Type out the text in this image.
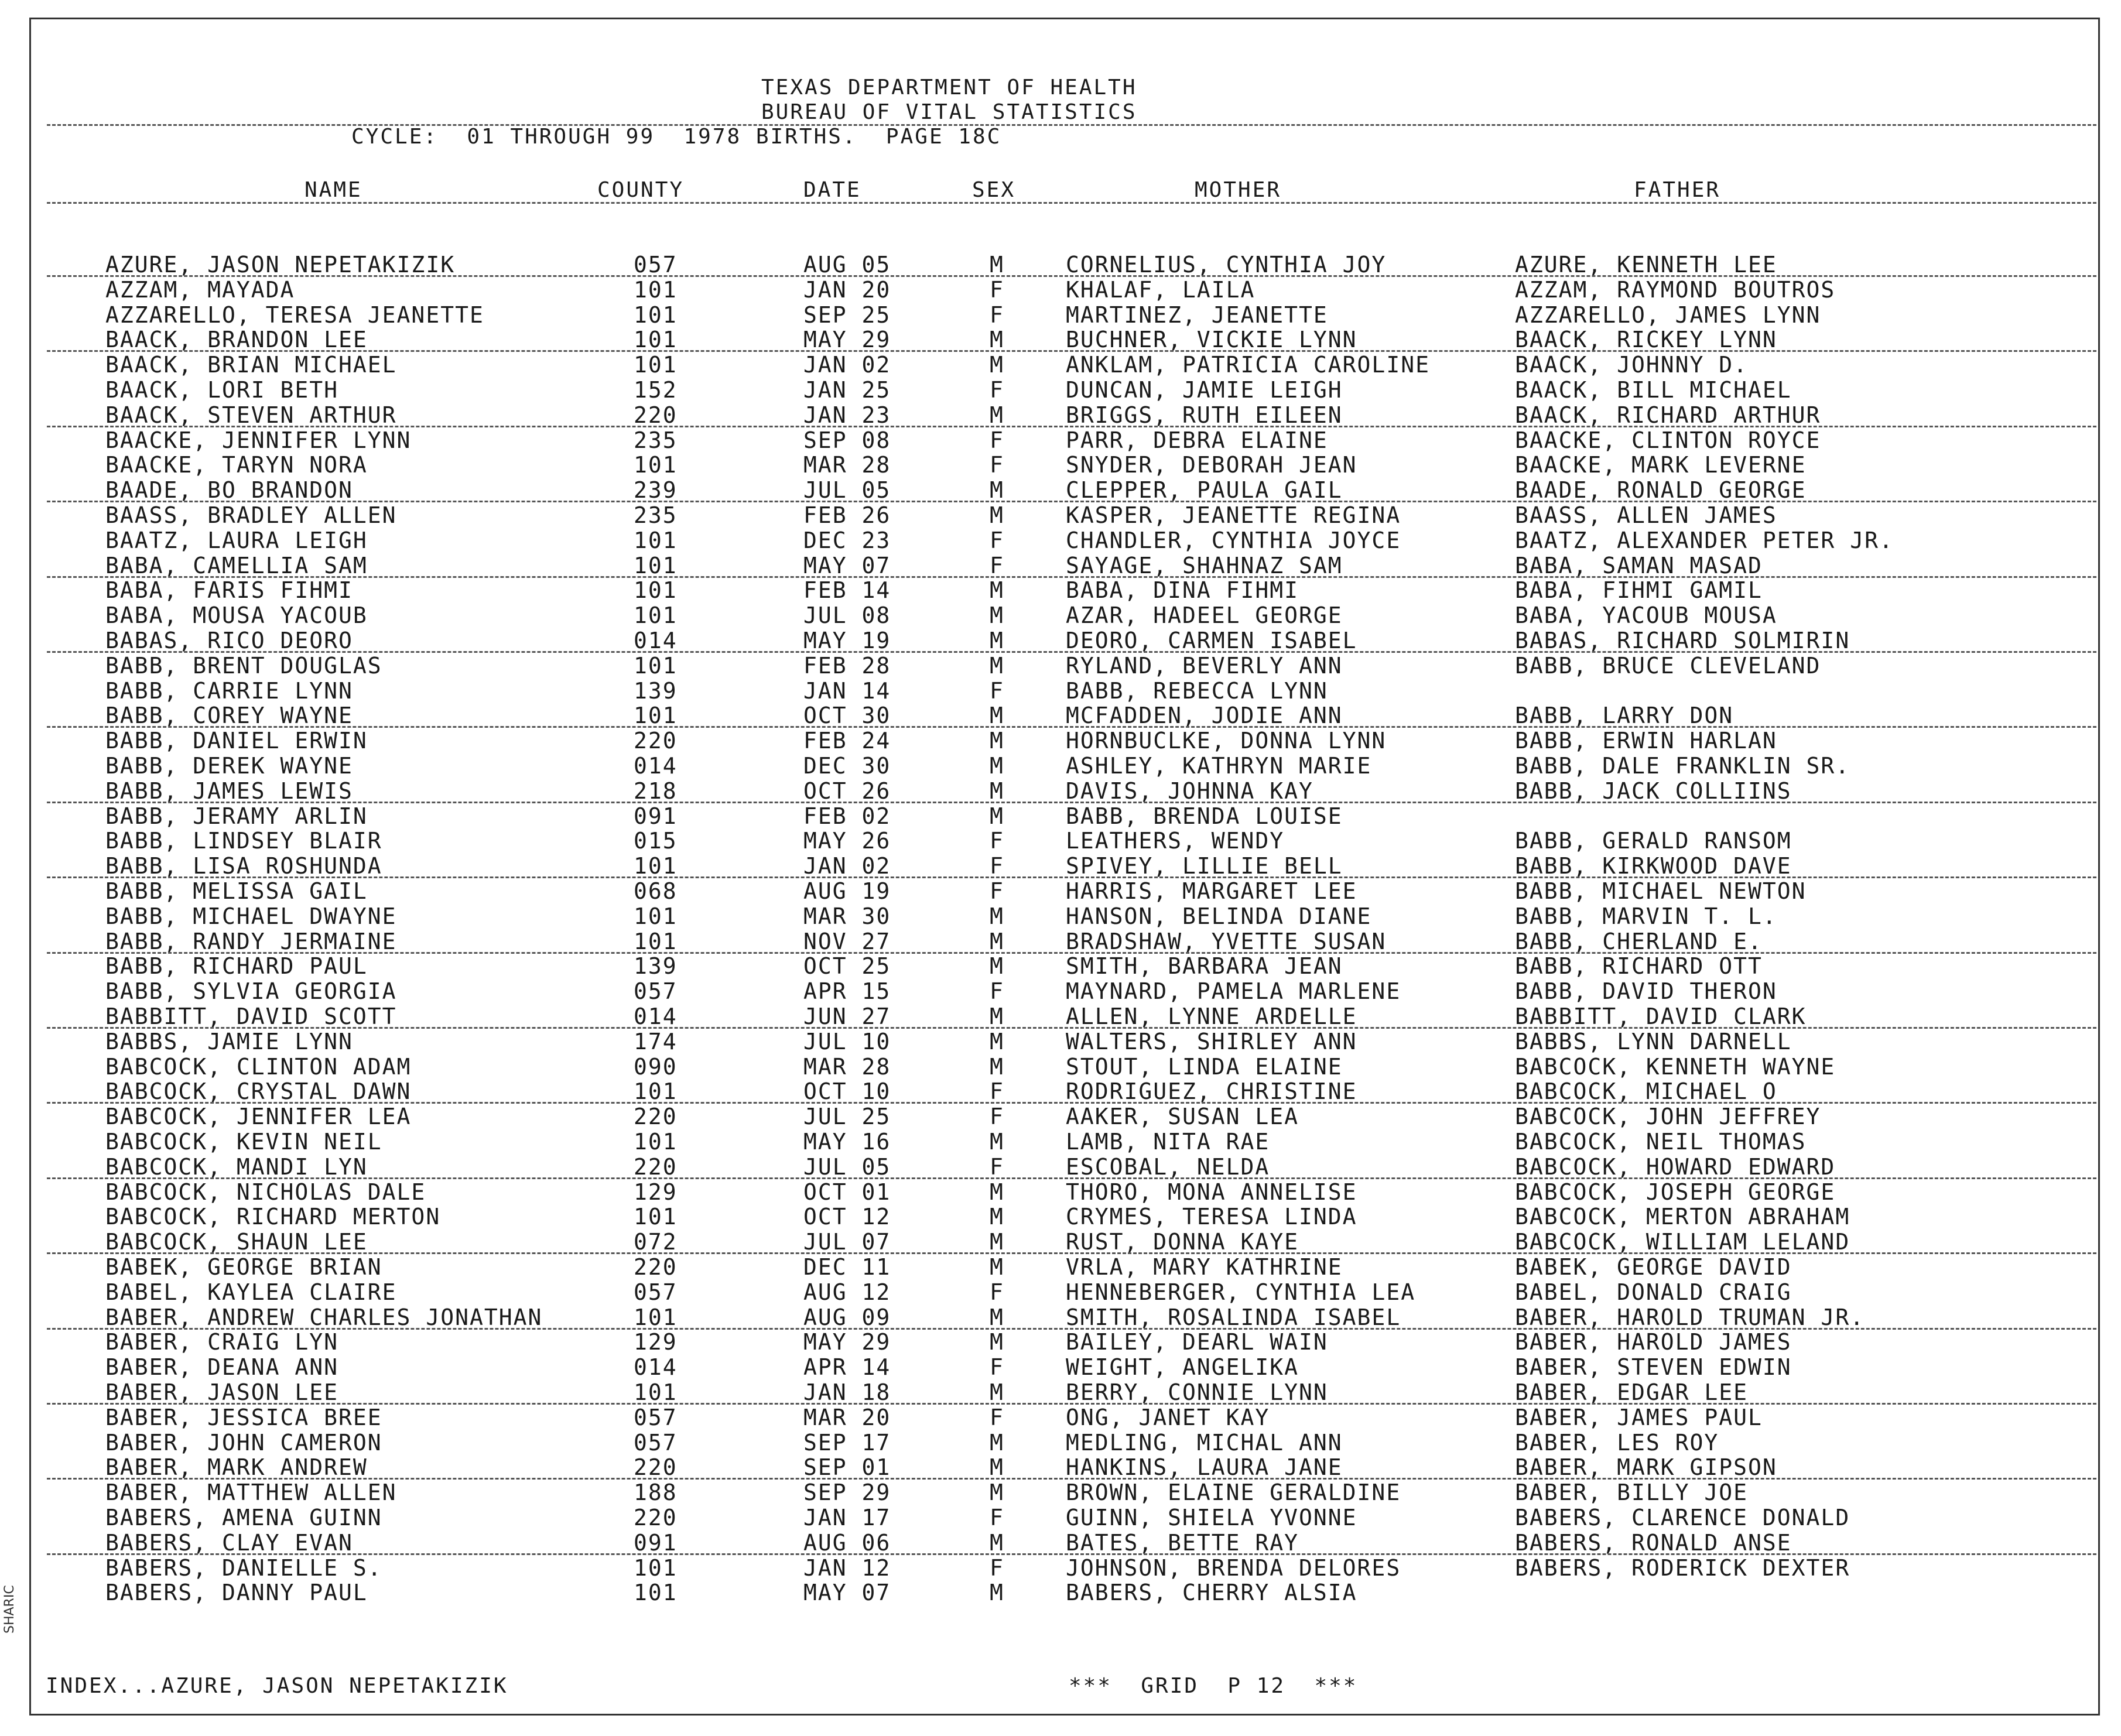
TEXAS DEPARTMENT OF HEALTH
BUREAU OF VITAL STATISTICS
CYCLE:  01 THROUGH 99  1978 BIRTHS.  PAGE 18C
NAME	COUNTY	DATE	SEX	MOTHER	FATHER
AZURE, JASON NEPETAKIZIK	057	AUG 05	M	CORNELIUS, CYNTHIA JOY	AZURE, KENNETH LEE
AZZAM, MAYADA	101	JAN 20	F	KHALAF, LAILA	AZZAM, RAYMOND BOUTROS
AZZARELLO, TERESA JEANETTE	101	SEP 25	F	MARTINEZ, JEANETTE	AZZARELLO, JAMES LYNN
BAACK, BRANDON LEE	101	MAY 29	M	BUCHNER, VICKIE LYNN	BAACK, RICKEY LYNN
BAACK, BRIAN MICHAEL	101	JAN 02	M	ANKLAM, PATRICIA CAROLINE	BAACK, JOHNNY D.
BAACK, LORI BETH	152	JAN 25	F	DUNCAN, JAMIE LEIGH	BAACK, BILL MICHAEL
BAACK, STEVEN ARTHUR	220	JAN 23	M	BRIGGS, RUTH EILEEN	BAACK, RICHARD ARTHUR
BAACKE, JENNIFER LYNN	235	SEP 08	F	PARR, DEBRA ELAINE	BAACKE, CLINTON ROYCE
BAACKE, TARYN NORA	101	MAR 28	F	SNYDER, DEBORAH JEAN	BAACKE, MARK LEVERNE
BAADE, BO BRANDON	239	JUL 05	M	CLEPPER, PAULA GAIL	BAADE, RONALD GEORGE
BAASS, BRADLEY ALLEN	235	FEB 26	M	KASPER, JEANETTE REGINA	BAASS, ALLEN JAMES
BAATZ, LAURA LEIGH	101	DEC 23	F	CHANDLER, CYNTHIA JOYCE	BAATZ, ALEXANDER PETER JR.
BABA, CAMELLIA SAM	101	MAY 07	F	SAYAGE, SHAHNAZ SAM	BABA, SAMAN MASAD
BABA, FARIS FIHMI	101	FEB 14	M	BABA, DINA FIHMI	BABA, FIHMI GAMIL
BABA, MOUSA YACOUB	101	JUL 08	M	AZAR, HADEEL GEORGE	BABA, YACOUB MOUSA
BABAS, RICO DEORO	014	MAY 19	M	DEORO, CARMEN ISABEL	BABAS, RICHARD SOLMIRIN
BABB, BRENT DOUGLAS	101	FEB 28	M	RYLAND, BEVERLY ANN	BABB, BRUCE CLEVELAND
BABB, CARRIE LYNN	139	JAN 14	F	BABB, REBECCA LYNN
BABB, COREY WAYNE	101	OCT 30	M	MCFADDEN, JODIE ANN	BABB, LARRY DON
BABB, DANIEL ERWIN	220	FEB 24	M	HORNBUCLKE, DONNA LYNN	BABB, ERWIN HARLAN
BABB, DEREK WAYNE	014	DEC 30	M	ASHLEY, KATHRYN MARIE	BABB, DALE FRANKLIN SR.
BABB, JAMES LEWIS	218	OCT 26	M	DAVIS, JOHNNA KAY	BABB, JACK COLLIINS
BABB, JERAMY ARLIN	091	FEB 02	M	BABB, BRENDA LOUISE
BABB, LINDSEY BLAIR	015	MAY 26	F	LEATHERS, WENDY	BABB, GERALD RANSOM
BABB, LISA ROSHUNDA	101	JAN 02	F	SPIVEY, LILLIE BELL	BABB, KIRKWOOD DAVE
BABB, MELISSA GAIL	068	AUG 19	F	HARRIS, MARGARET LEE	BABB, MICHAEL NEWTON
BABB, MICHAEL DWAYNE	101	MAR 30	M	HANSON, BELINDA DIANE	BABB, MARVIN T. L.
BABB, RANDY JERMAINE	101	NOV 27	M	BRADSHAW, YVETTE SUSAN	BABB, CHERLAND E.
BABB, RICHARD PAUL	139	OCT 25	M	SMITH, BARBARA JEAN	BABB, RICHARD OTT
BABB, SYLVIA GEORGIA	057	APR 15	F	MAYNARD, PAMELA MARLENE	BABB, DAVID THERON
BABBITT, DAVID SCOTT	014	JUN 27	M	ALLEN, LYNNE ARDELLE	BABBITT, DAVID CLARK
BABBS, JAMIE LYNN	174	JUL 10	M	WALTERS, SHIRLEY ANN	BABBS, LYNN DARNELL
BABCOCK, CLINTON ADAM	090	MAR 28	M	STOUT, LINDA ELAINE	BABCOCK, KENNETH WAYNE
BABCOCK, CRYSTAL DAWN	101	OCT 10	F	RODRIGUEZ, CHRISTINE	BABCOCK, MICHAEL O
BABCOCK, JENNIFER LEA	220	JUL 25	F	AAKER, SUSAN LEA	BABCOCK, JOHN JEFFREY
BABCOCK, KEVIN NEIL	101	MAY 16	M	LAMB, NITA RAE	BABCOCK, NEIL THOMAS
BABCOCK, MANDI LYN	220	JUL 05	F	ESCOBAL, NELDA	BABCOCK, HOWARD EDWARD
BABCOCK, NICHOLAS DALE	129	OCT 01	M	THORO, MONA ANNELISE	BABCOCK, JOSEPH GEORGE
BABCOCK, RICHARD MERTON	101	OCT 12	M	CRYMES, TERESA LINDA	BABCOCK, MERTON ABRAHAM
BABCOCK, SHAUN LEE	072	JUL 07	M	RUST, DONNA KAYE	BABCOCK, WILLIAM LELAND
BABEK, GEORGE BRIAN	220	DEC 11	M	VRLA, MARY KATHRINE	BABEK, GEORGE DAVID
BABEL, KAYLEA CLAIRE	057	AUG 12	F	HENNEBERGER, CYNTHIA LEA	BABEL, DONALD CRAIG
BABER, ANDREW CHARLES JONATHAN	101	AUG 09	M	SMITH, ROSALINDA ISABEL	BABER, HAROLD TRUMAN JR.
BABER, CRAIG LYN	129	MAY 29	M	BAILEY, DEARL WAIN	BABER, HAROLD JAMES
BABER, DEANA ANN	014	APR 14	F	WEIGHT, ANGELIKA	BABER, STEVEN EDWIN
BABER, JASON LEE	101	JAN 18	M	BERRY, CONNIE LYNN	BABER, EDGAR LEE
BABER, JESSICA BREE	057	MAR 20	F	ONG, JANET KAY	BABER, JAMES PAUL
BABER, JOHN CAMERON	057	SEP 17	M	MEDLING, MICHAL ANN	BABER, LES ROY
BABER, MARK ANDREW	220	SEP 01	M	HANKINS, LAURA JANE	BABER, MARK GIPSON
BABER, MATTHEW ALLEN	188	SEP 29	M	BROWN, ELAINE GERALDINE	BABER, BILLY JOE
BABERS, AMENA GUINN	220	JAN 17	F	GUINN, SHIELA YVONNE	BABERS, CLARENCE DONALD
BABERS, CLAY EVAN	091	AUG 06	M	BATES, BETTE RAY	BABERS, RONALD ANSE
BABERS, DANIELLE S.	101	JAN 12	F	JOHNSON, BRENDA DELORES	BABERS, RODERICK DEXTER
BABERS, DANNY PAUL	101	MAY 07	M	BABERS, CHERRY ALSIA
INDEX...AZURE, JASON NEPETAKIZIK	***  GRID  P 12  ***
SHARIC
